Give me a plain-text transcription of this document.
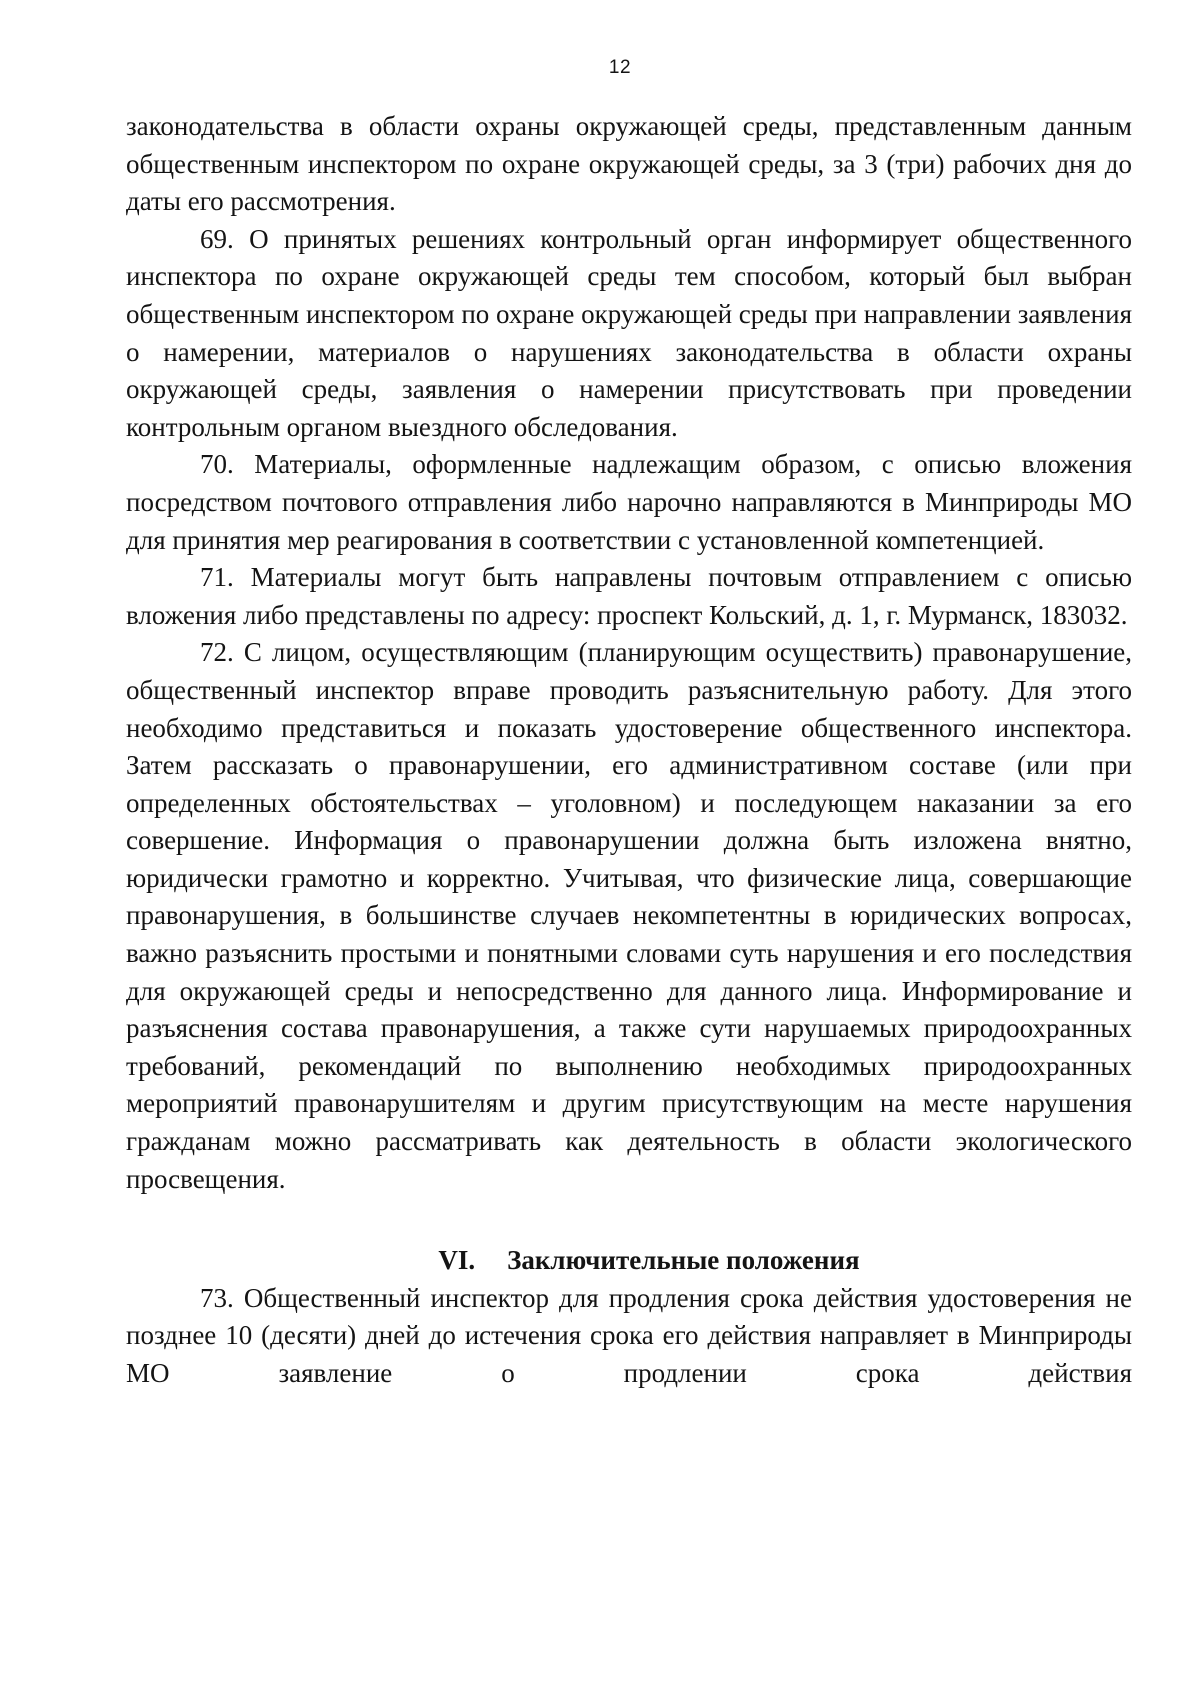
12

законодательства в области охраны окружающей среды, представленным данным общественным инспектором по охране окружающей среды, за 3 (три) рабочих дня до даты его рассмотрения.

69. О принятых решениях контрольный орган информирует общественного инспектора по охране окружающей среды тем способом, который был выбран общественным инспектором по охране окружающей среды при направлении заявления о намерении, материалов о нарушениях законодательства в области охраны окружающей среды, заявления о намерении присутствовать при проведении контрольным органом выездного обследования.

70. Материалы, оформленные надлежащим образом, с описью вложения посредством почтового отправления либо нарочно направляются в Минприроды МО для принятия мер реагирования в соответствии с установленной компетенцией.

71. Материалы могут быть направлены почтовым отправлением с описью вложения либо представлены по адресу: проспект Кольский, д. 1, г. Мурманск, 183032.

72. С лицом, осуществляющим (планирующим осуществить) правонарушение, общественный инспектор вправе проводить разъяснительную работу. Для этого необходимо представиться и показать удостоверение общественного инспектора. Затем рассказать о правонарушении, его административном составе (или при определенных обстоятельствах – уголовном) и последующем наказании за его совершение. Информация о правонарушении должна быть изложена внятно, юридически грамотно и корректно. Учитывая, что физические лица, совершающие правонарушения, в большинстве случаев некомпетентны в юридических вопросах, важно разъяснить простыми и понятными словами суть нарушения и его последствия для окружающей среды и непосредственно для данного лица. Информирование и разъяснения состава правонарушения, а также сути нарушаемых природоохранных требований, рекомендаций по выполнению необходимых природоохранных мероприятий правонарушителям и другим присутствующим на месте нарушения гражданам можно рассматривать как деятельность в области экологического просвещения.

VI. Заключительные положения

73. Общественный инспектор для продления срока действия удостоверения не позднее 10 (десяти) дней до истечения срока его действия направляет в Минприроды МО заявление о продлении срока действия
